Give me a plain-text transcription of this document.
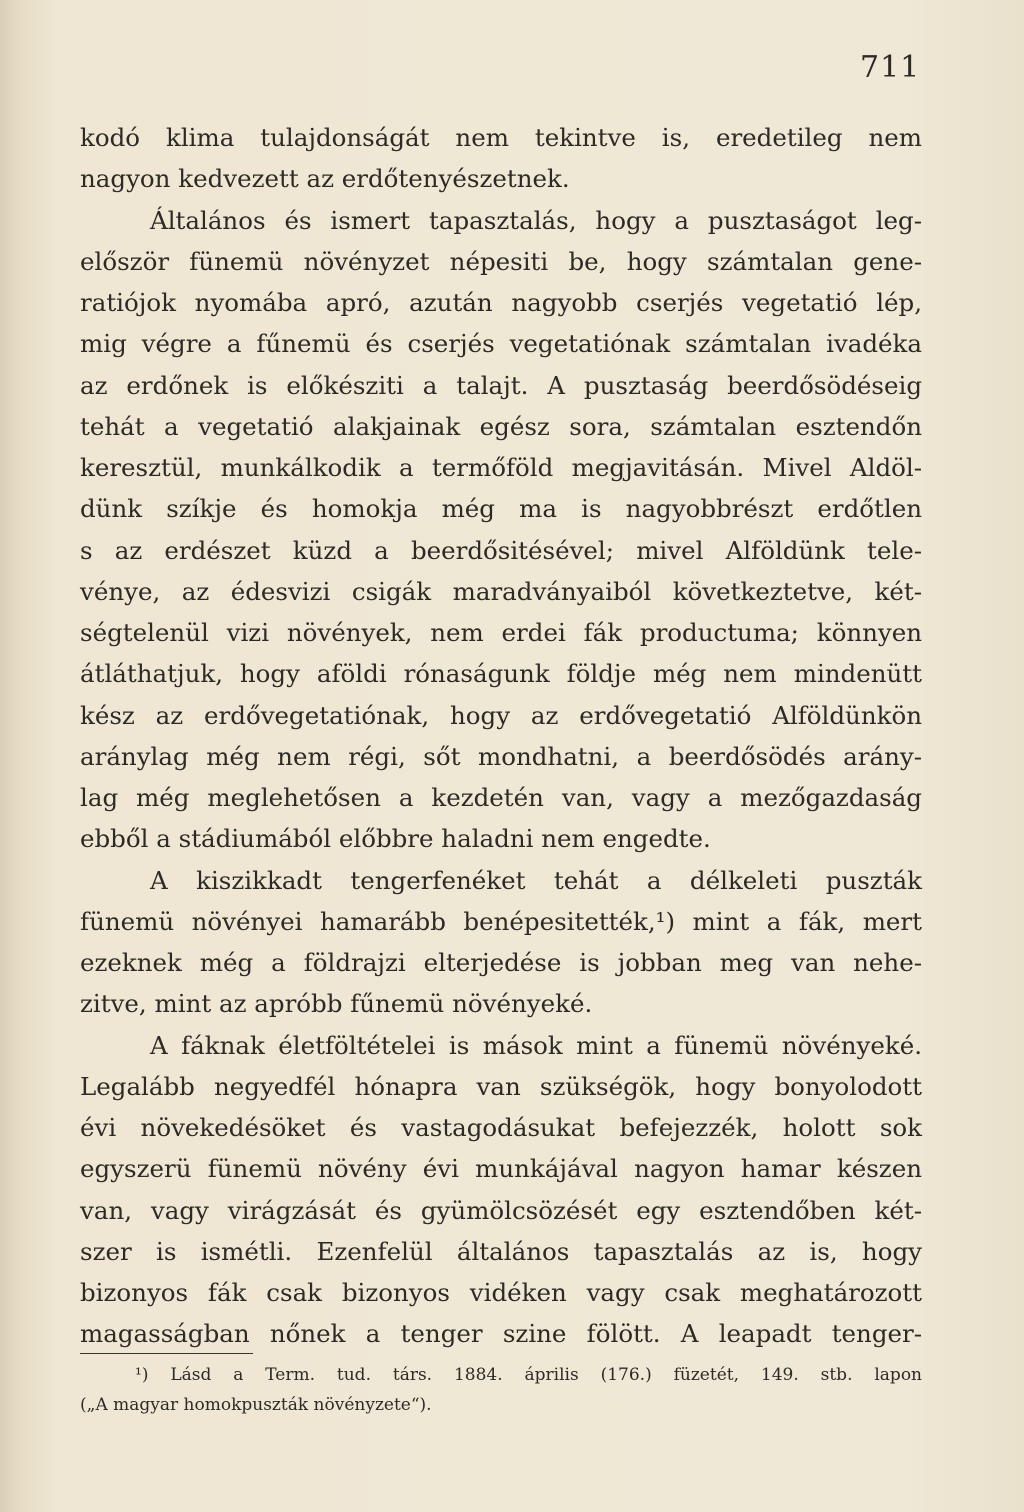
711
kodó klima tulajdonságát nem tekintve is, eredetileg nem
nagyon kedvezett az erdőtenyészetnek.
Általános és ismert tapasztalás, hogy a pusztaságot leg-
először fünemü növényzet népesiti be, hogy számtalan gene-
ratiójok nyomába apró, azután nagyobb cserjés vegetatió lép,
mig végre a fűnemü és cserjés vegetatiónak számtalan ivadéka
az erdőnek is előkésziti a talajt. A pusztaság beerdősödéseig
tehát a vegetatió alakjainak egész sora, számtalan esztendőn
keresztül, munkálkodik a termőföld megjavitásán. Mivel Aldöl-
dünk szíkje és homokja még ma is nagyobbrészt erdőtlen
s az erdészet küzd a beerdősitésével; mivel Alföldünk tele-
vénye, az édesvizi csigák maradványaiból következtetve, két-
ségtelenül vizi növények, nem erdei fák productuma; könnyen
átláthatjuk, hogy aföldi rónaságunk földje még nem mindenütt
kész az erdővegetatiónak, hogy az erdővegetatió Alföldünkön
aránylag még nem régi, sőt mondhatni, a beerdősödés arány-
lag még meglehetősen a kezdetén van, vagy a mezőgazdaság
ebből a stádiumából előbbre haladni nem engedte.
A kiszikkadt tengerfenéket tehát a délkeleti puszták
fünemü növényei hamarább benépesitették,¹) mint a fák, mert
ezeknek még a földrajzi elterjedése is jobban meg van nehe-
zitve, mint az apróbb fűnemü növényeké.
A fáknak életföltételei is mások mint a fünemü növényeké.
Legalább negyedfél hónapra van szükségök, hogy bonyolodott
évi növekedésöket és vastagodásukat befejezzék, holott sok
egyszerü fünemü növény évi munkájával nagyon hamar készen
van, vagy virágzását és gyümölcsözését egy esztendőben két-
szer is ismétli. Ezenfelül általános tapasztalás az is, hogy
bizonyos fák csak bizonyos vidéken vagy csak meghatározott
magasságban nőnek a tenger szine fölött. A leapadt tenger-
¹) Lásd a Term. tud. társ. 1884. április (176.) füzetét, 149. stb. lapon
(„A magyar homokpuszták növényzete“).
